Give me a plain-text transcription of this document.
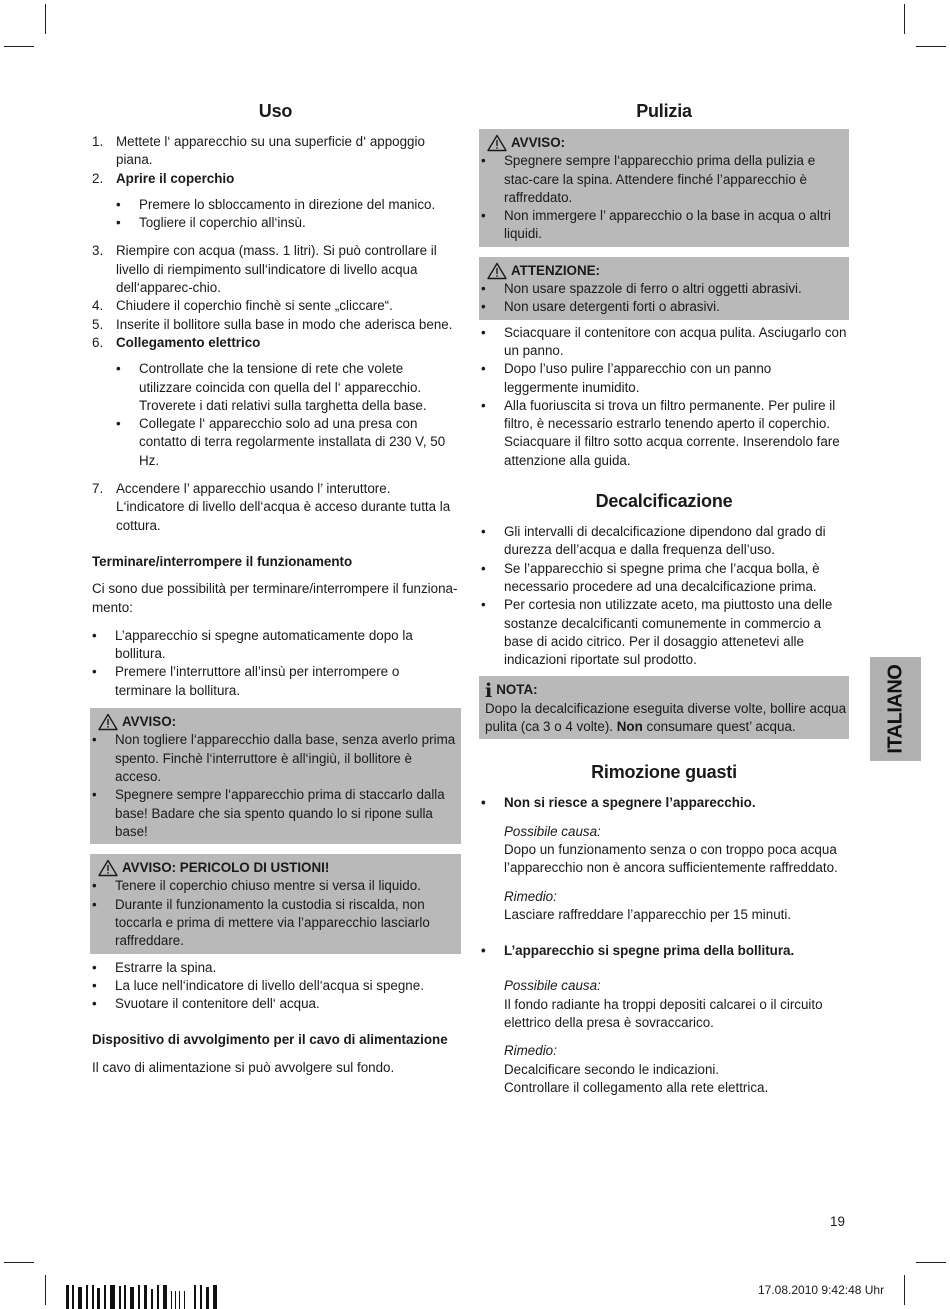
Uso
1. Mettete l‘ apparecchio su una superficie d‘ appoggio piana.
2. Aprire il coperchio
• Premere lo sbloccamento in direzione del manico.
• Togliere il coperchio all‘insù.
3. Riempire con acqua (mass. 1 litri). Si può controllare il livello di riempimento sull‘indicatore di livello acqua dell‘apparec-chio.
4. Chiudere il coperchio finchè si sente „cliccare“.
5. Inserite il bollitore sulla base in modo che aderisca bene.
6. Collegamento elettrico
• Controllate che la tensione di rete che volete utilizzare coincida con quella del l‘ apparecchio. Troverete i dati relativi sulla targhetta della base.
• Collegate l‘ apparecchio solo ad una presa con contatto di terra regolarmente installata di 230 V, 50 Hz.
7. Accendere l’ apparecchio usando l’ interuttore. L‘indicatore di livello dell‘acqua è acceso durante tutta la cottura.
Terminare/interrompere il funzionamento

Ci sono due possibilità per terminare/interrompere il funziona-mento:

• L’apparecchio si spegne automaticamente dopo la bollitura.
• Premere l’interruttore all’insù per interrompere o terminare la bollitura.
AVVISO:
• Non togliere l‘apparecchio dalla base, senza averlo prima spento. Finchè l‘interruttore è all‘ingiù, il bollitore è acceso.
• Spegnere sempre l‘apparecchio prima di staccarlo dalla base! Badare che sia spento quando lo si ripone sulla base!
AVVISO: PERICOLO DI USTIONI!
• Tenere il coperchio chiuso mentre si versa il liquido.
• Durante il funzionamento la custodia si riscalda, non toccarla e prima di mettere via l’apparecchio lasciarlo raffreddare.
• Estrarre la spina.
• La luce nell‘indicatore di livello dell‘acqua si spegne.
• Svuotare il contenitore dell‘ acqua.
Dispositivo di avvolgimento per il cavo di alimentazione

Il cavo di alimentazione si può avvolgere sul fondo.

Pulizia
AVVISO:
• Spegnere sempre l‘apparecchio prima della pulizia e stac-care la spina. Attendere finché l’apparecchio è raffreddato.
• Non immergere l’ apparecchio o la base in acqua o altri liquidi.
ATTENZIONE:
• Non usare spazzole di ferro o altri oggetti abrasivi.
• Non usare detergenti forti o abrasivi.
• Sciacquare il contenitore con acqua pulita. Asciugarlo con un panno.
• Dopo l’uso pulire l’apparecchio con un panno leggermente inumidito.
• Alla fuoriuscita si trova un filtro permanente. Per pulire il filtro, è necessario estrarlo tenendo aperto il coperchio. Sciacquare il filtro sotto acqua corrente. Inserendolo fare attenzione alla guida.
Decalcificazione
• Gli intervalli di decalcificazione dipendono dal grado di durezza dell’acqua e dalla frequenza dell’uso.
• Se l’apparecchio si spegne prima che l’acqua bolla, è necessario procedere ad una decalcificazione prima.
• Per cortesia non utilizzate aceto, ma piuttosto una delle sostanze decalcificanti comunemente in commercio a base di acido citrico. Per il dosaggio attenetevi alle indicazioni riportate sul prodotto.
i NOTA:

Dopo la decalcificazione eseguita diverse volte, bollire acqua pulita (ca 3 o 4 volte). Non consumare quest’ acqua.

Rimozione guasti
• Non si riesce a spegnere l’apparecchio.

Possibile causa:

Dopo un funzionamento senza o con troppo poca acqua l’apparecchio non è ancora sufficientemente raffreddato.

Rimedio:

Lasciare raffreddare l’apparecchio per 15 minuti.

• L’apparecchio si spegne prima della bollitura.

Possibile causa:

Il fondo radiante ha troppi depositi calcarei o il circuito elettrico della presa è sovraccarico.

Rimedio:

Decalcificare secondo le indicazioni.

Controllare il collegamento alla rete elettrica.

ITALIANO
19
17.08.2010 9:42:48 Uhr
